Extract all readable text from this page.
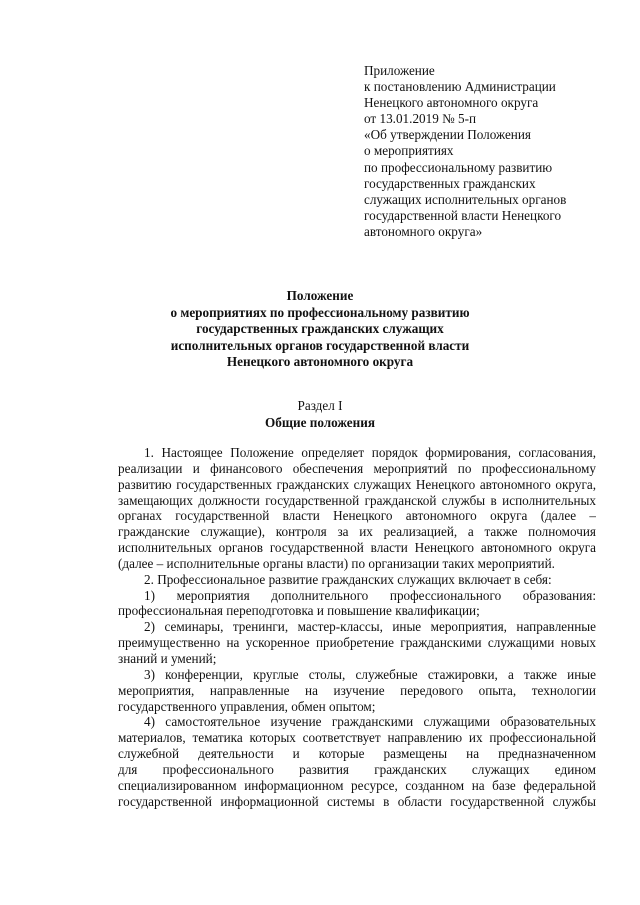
Приложение
к постановлению Администрации
Ненецкого автономного округа
от 13.01.2019 № 5-п
«Об утверждении Положения
о мероприятиях
по профессиональному развитию
государственных гражданских
служащих исполнительных органов
государственной власти Ненецкого
автономного округа»
Положение
о мероприятиях по профессиональному развитию
государственных гражданских служащих
исполнительных органов государственной власти
Ненецкого автономного округа
Раздел I
Общие положения
1. Настоящее Положение определяет порядок формирования, согласования,
реализации и финансового обеспечения мероприятий по профессиональному
развитию государственных гражданских служащих Ненецкого автономного округа,
замещающих должности государственной гражданской службы в исполнительных
органах государственной власти Ненецкого автономного округа (далее –
гражданские служащие), контроля за их реализацией, а также полномочия
исполнительных органов государственной власти Ненецкого автономного округа
(далее – исполнительные органы власти) по организации таких мероприятий.
2. Профессиональное развитие гражданских служащих включает в себя:
1) мероприятия дополнительного профессионального образования:
профессиональная переподготовка и повышение квалификации;
2) семинары, тренинги, мастер-классы, иные мероприятия, направленные
преимущественно на ускоренное приобретение гражданскими служащими новых
знаний и умений;
3) конференции, круглые столы, служебные стажировки, а также иные
мероприятия, направленные на изучение передового опыта, технологии
государственного управления, обмен опытом;
4) самостоятельное изучение гражданскими служащими образовательных
материалов, тематика которых соответствует направлению их профессиональной
служебной деятельности и которые размещены на предназначенном
для профессионального развития гражданских служащих едином
специализированном информационном ресурсе, созданном на базе федеральной
государственной информационной системы в области государственной службы
